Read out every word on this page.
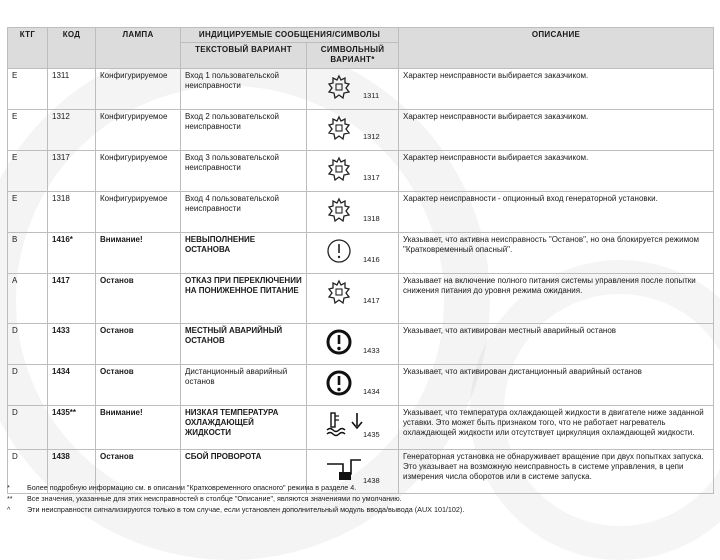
КТГ	КОД	ЛАМПА	ИНДИЦИРУЕМЫЕ СООБЩЕНИЯ/СИМВОЛЫ		ОПИСАНИЕ
			ТЕКСТОВЫЙ ВАРИАНТ	СИМВОЛЬНЫЙ ВАРИАНТ*	
E	1311	Конфигурируемое	Вход 1 пользовательской неисправности	1311	Характер неисправности выбирается заказчиком.
E	1312	Конфигурируемое	Вход 2 пользовательской неисправности	1312	Характер неисправности выбирается заказчиком.
E	1317	Конфигурируемое	Вход 3 пользовательской неисправности	1317	Характер неисправности выбирается заказчиком.
E	1318	Конфигурируемое	Вход 4 пользовательской неисправности	1318	Характер неисправности - опционный вход генераторной установки.
B	1416*	Внимание!	НЕВЫПОЛНЕНИЕ ОСТАНОВА	1416	Указывает, что активна неисправность "Останов", но она блокируется режимом "Кратковременный опасный".
A	1417	Останов	ОТКАЗ ПРИ ПЕРЕКЛЮЧЕНИИ НА ПОНИЖЕННОЕ ПИТАНИЕ	1417	Указывает на включение полного питания системы управления после попытки снижения питания до уровня режима ожидания.
D	1433	Останов	МЕСТНЫЙ АВАРИЙНЫЙ ОСТАНОВ	1433	Указывает, что активирован местный аварийный останов
D	1434	Останов	Дистанционный аварийный останов	1434	Указывает, что активирован дистанционный аварийный останов
D	1435**	Внимание!	НИЗКАЯ ТЕМПЕРАТУРА ОХЛАЖДАЮЩЕЙ ЖИДКОСТИ	1435	Указывает, что температура охлаждающей жидкости в двигателе ниже заданной уставки. Это может быть признаком того, что не работает нагреватель охлаждающей жидкости или отсутствует циркуляция охлаждающей жидкости.
D	1438	Останов	СБОЙ ПРОВОРОТА	1438	Генераторная установка не обнаруживает вращение при двух попытках запуска. Это указывает на возможную неисправность в системе управления, в цепи измерения числа оборотов или в системе запуска.
*	Более подробную информацию см. в описании "Кратковременного опасного" режима в разделе 4.
**	Все значения, указанные для этих неисправностей в столбце "Описание", являются значениями по умолчанию.
^	Эти неисправности сигнализируются только в том случае, если установлен дополнительный модуль ввода/вывода (AUX 101/102).
